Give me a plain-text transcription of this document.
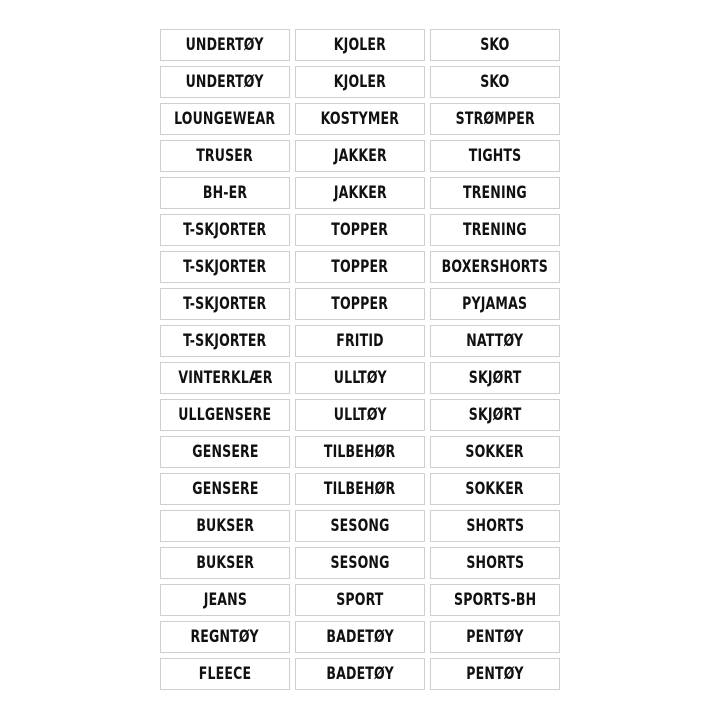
UNDERTØY	KJOLER	SKO
UNDERTØY	KJOLER	SKO
LOUNGEWEAR	KOSTYMER	STRØMPER
TRUSER	JAKKER	TIGHTS
BH-ER	JAKKER	TRENING
T-SKJORTER	TOPPER	TRENING
T-SKJORTER	TOPPER	BOXERSHORTS
T-SKJORTER	TOPPER	PYJAMAS
T-SKJORTER	FRITID	NATTØY
VINTERKLÆR	ULLTØY	SKJØRT
ULLGENSERE	ULLTØY	SKJØRT
GENSERE	TILBEHØR	SOKKER
GENSERE	TILBEHØR	SOKKER
BUKSER	SESONG	SHORTS
BUKSER	SESONG	SHORTS
JEANS	SPORT	SPORTS-BH
REGNTØY	BADETØY	PENTØY
FLEECE	BADETØY	PENTØY
